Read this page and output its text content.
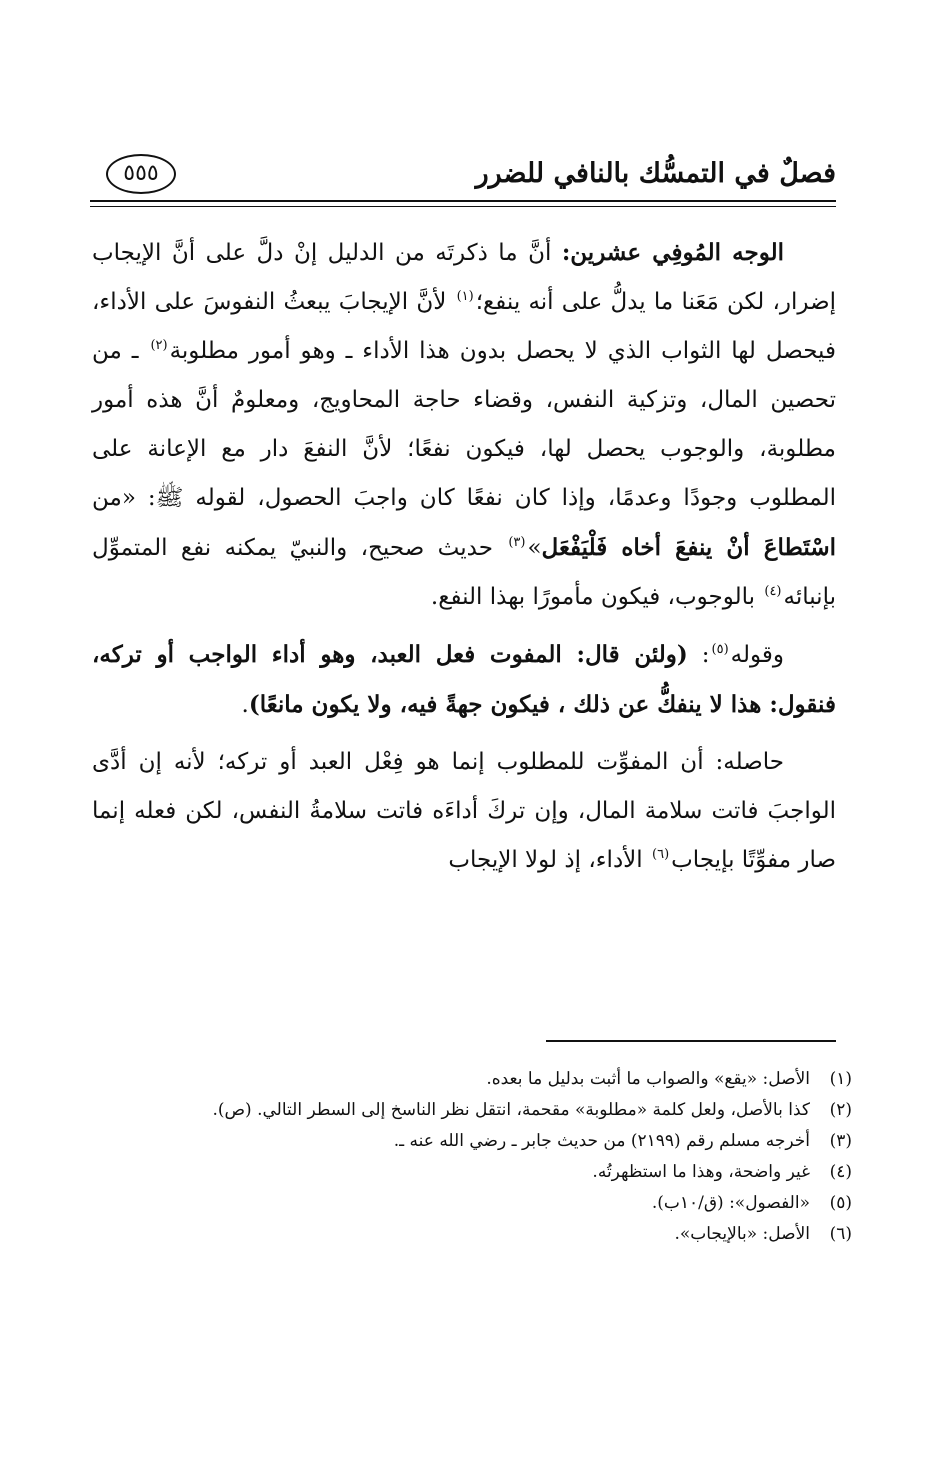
فصلٌ في التمسُّك بالنافي للضرر
٥٥٥

الوجه المُوفِي عشرين: أنَّ ما ذكرتَه من الدليل إنْ دلَّ على أنَّ الإيجاب إضرار، لكن مَعَنا ما يدلُّ على أنه ينفع؛$^{(١)}$ لأنَّ الإيجابَ يبعثُ النفوسَ على الأداء، فيحصل لها الثواب الذي لا يحصل بدون هذا الأداء ـ وهو أمور مطلوبة$^{(٢)}$ ـ من تحصين المال، وتزكية النفس، وقضاء حاجة المحاويج، ومعلومٌ أنَّ هذه أمور مطلوبة، والوجوب يحصل لها، فيكون نفعًا؛ لأنَّ النفعَ دار مع الإعانة على المطلوب وجودًا وعدمًا، وإذا كان نفعًا كان واجبَ الحصول، لقوله ﷺ: «من اسْتَطاعَ أنْ ينفعَ أخاه فَلْيَفْعَل»$^{(٣)}$ حديث صحيح، والنبيّ يمكنه نفع المتموِّل بإنبائه$^{(٤)}$ بالوجوب، فيكون مأمورًا بهذا النفع.

وقوله$^{(٥)}$: (ولئن قال: المفوت فعل العبد، وهو أداء الواجب أو تركه، فنقول: هذا لا ينفكُّ عن ذلك ، فيكون جهةً فيه، ولا يكون مانعًا).

حاصله: أن المفوِّت للمطلوب إنما هو فِعْل العبد أو تركه؛ لأنه إن أدَّى الواجبَ فاتت سلامة المال، وإن تركَ أداءَه فاتت سلامةُ النفس، لكن فعله إنما صار مفوِّتًا بإيجاب$^{(٦)}$ الأداء، إذ لولا الإيجاب

(١)
الأصل: «يقع» والصواب ما أثبت بدليل ما بعده.
(٢)
كذا بالأصل، ولعل كلمة «مطلوبة» مقحمة، انتقل نظر الناسخ إلى السطر التالي. (ص).
(٣)
أخرجه مسلم رقم (٢١٩٩) من حديث جابر ـ رضي الله عنه ـ.
(٤)
غير واضحة، وهذا ما استظهرتُه.
(٥)
«الفصول»: (ق/١٠ب).
(٦)
الأصل: «بالإيجاب».
